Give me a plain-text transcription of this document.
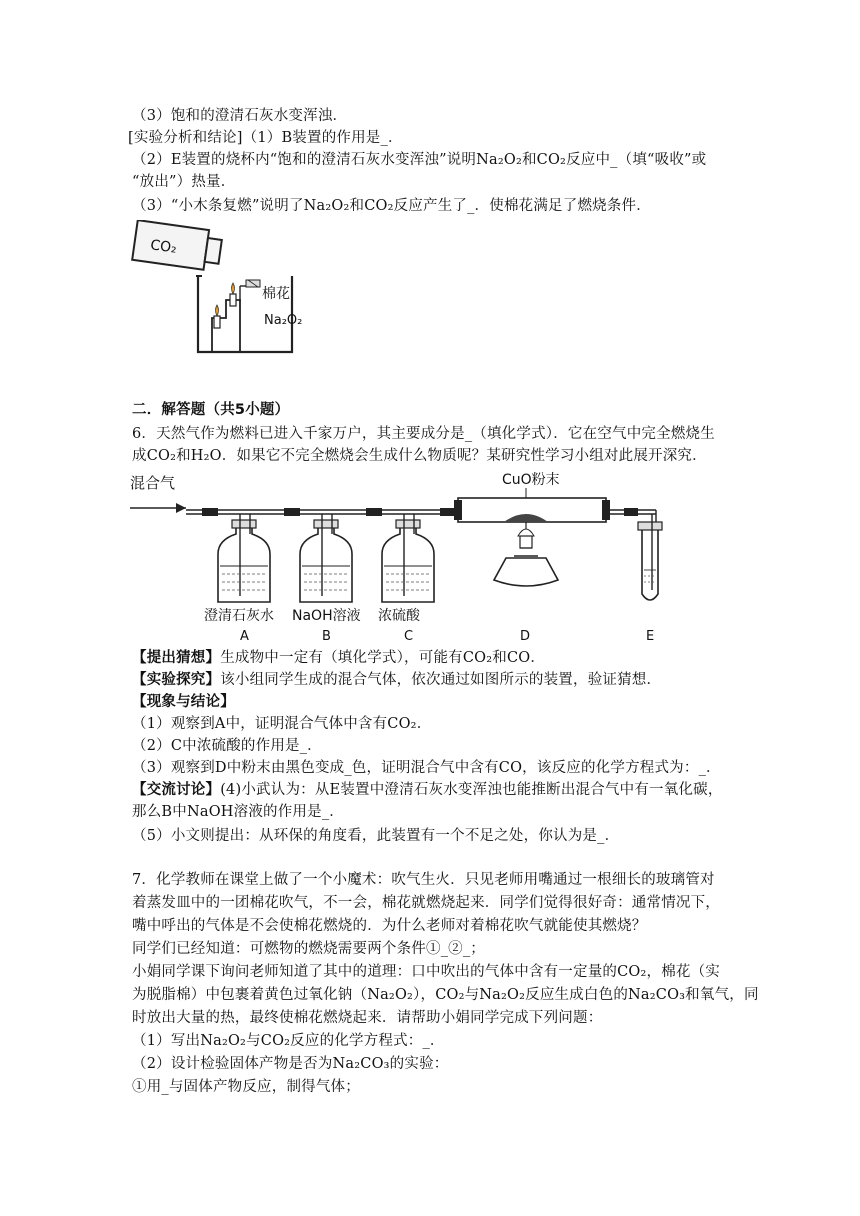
（3）饱和的澄清石灰水变浑浊．
[实验分析和结论]（1）B装置的作用是_．
（2）E装置的烧杯内“饱和的澄清石灰水变浑浊”说明Na₂O₂和CO₂反应中_（填“吸收”或
“放出”）热量．
（3）“小木条复燃”说明了Na₂O₂和CO₂反应产生了_．使棉花满足了燃烧条件．
CO₂
棉花
Na₂O₂
二．解答题（共5小题）
6．天然气作为燃料已进入千家万户，其主要成分是_（填化学式）．它在空气中完全燃烧生
成CO₂和H₂O．如果它不完全燃烧会生成什么物质呢？某研究性学习小组对此展开深究．
混合气	CuO粉末
澄清石灰水 NaOH溶液 浓硫酸
A	B	C	D	E
【提出猜想】生成物中一定有（填化学式），可能有CO₂和CO．
【实验探究】该小组同学生成的混合气体，依次通过如图所示的装置，验证猜想．
【现象与结论】
（1）观察到A中，证明混合气体中含有CO₂．
（2）C中浓硫酸的作用是_．
（3）观察到D中粉末由黑色变成_色，证明混合气中含有CO，该反应的化学方程式为：_．
【交流讨论】(4)小武认为：从E装置中澄清石灰水变浑浊也能推断出混合气中有一氧化碳，
那么B中NaOH溶液的作用是_．
（5）小文则提出：从环保的角度看，此装置有一个不足之处，你认为是_．
7．化学教师在课堂上做了一个小魔术：吹气生火．只见老师用嘴通过一根细长的玻璃管对
着蒸发皿中的一团棉花吹气，不一会，棉花就燃烧起来．同学们觉得很好奇：通常情况下，
嘴中呼出的气体是不会使棉花燃烧的．为什么老师对着棉花吹气就能使其燃烧？
同学们已经知道：可燃物的燃烧需要两个条件①_②_；
小娟同学课下询问老师知道了其中的道理：口中吹出的气体中含有一定量的CO₂，棉花（实
为脱脂棉）中包裹着黄色过氧化钠（Na₂O₂），CO₂与Na₂O₂反应生成白色的Na₂CO₃和氧气，同
时放出大量的热，最终使棉花燃烧起来．请帮助小娟同学完成下列问题：
（1）写出Na₂O₂与CO₂反应的化学方程式：_．
（2）设计检验固体产物是否为Na₂CO₃的实验：
①用_与固体产物反应，制得气体；
